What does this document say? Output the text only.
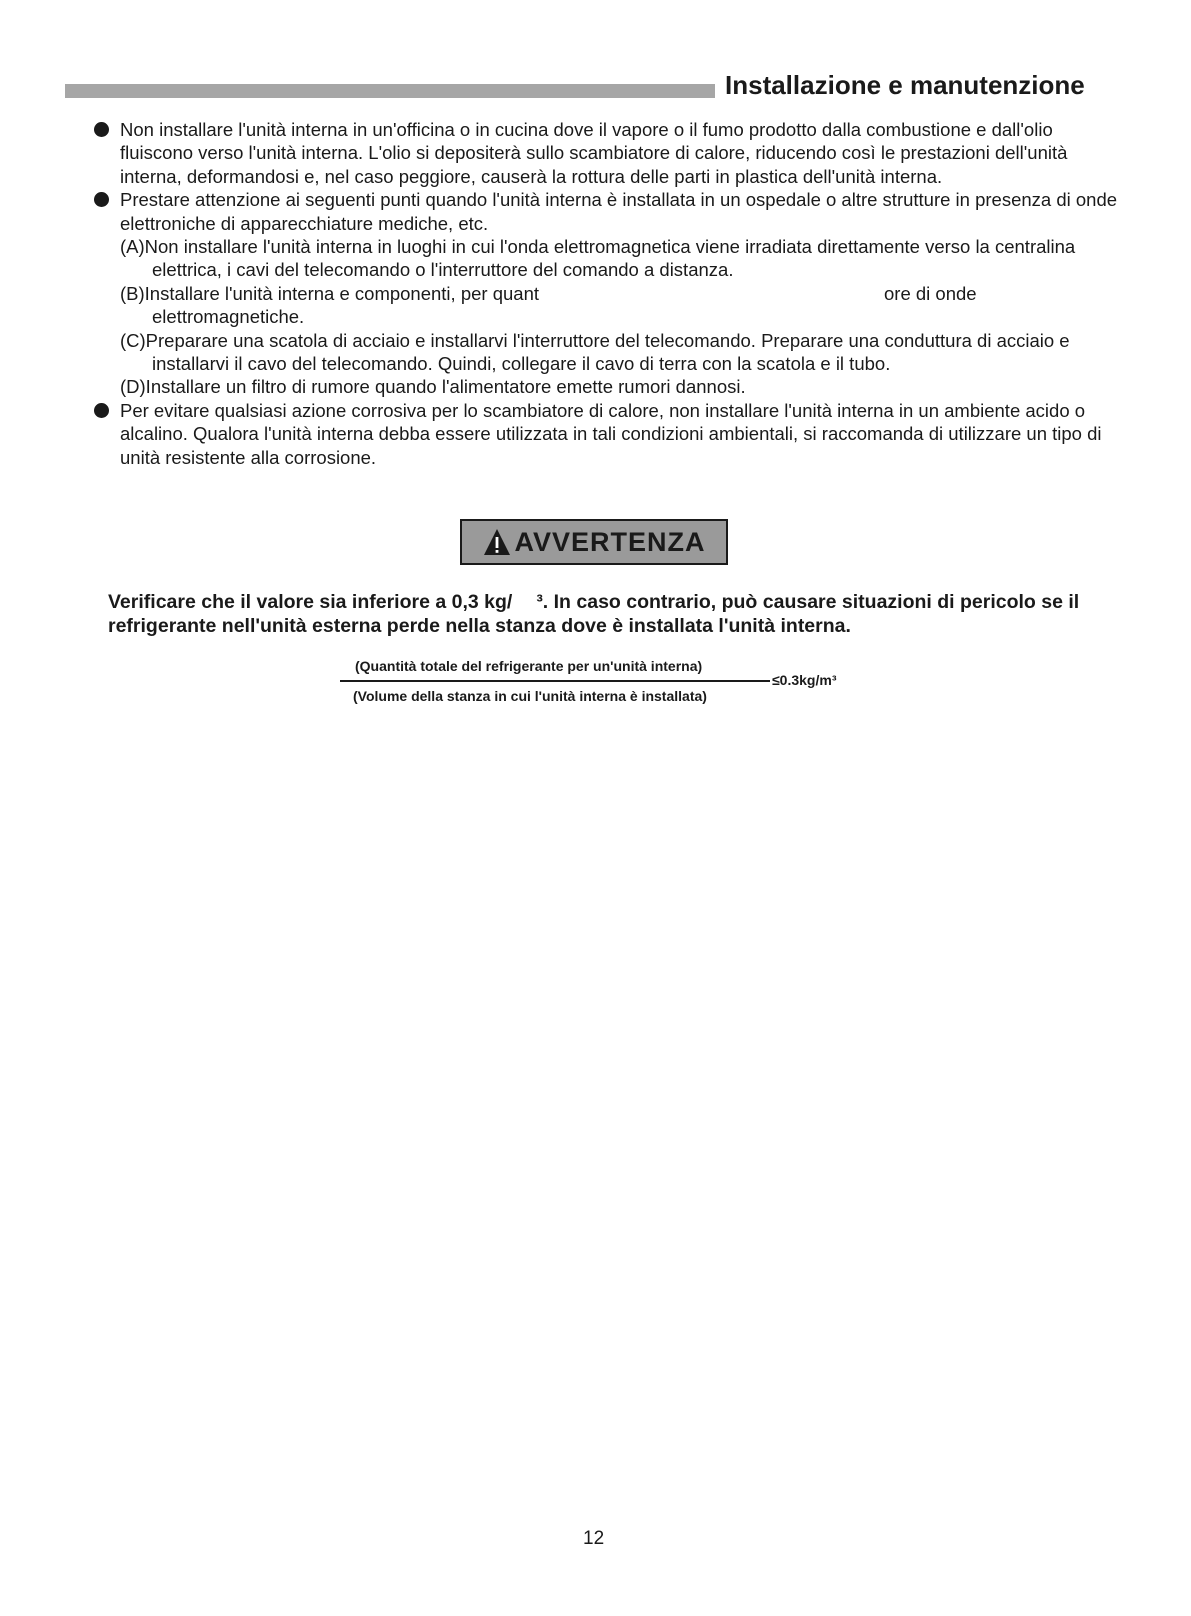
Installazione e manutenzione
Non installare l'unità interna in un'officina o in cucina dove il vapore o il fumo prodotto dalla combustione e dall'olio fluiscono verso l'unità interna. L'olio si depositerà sullo scambiatore di calore, riducendo così le prestazioni dell'unità interna, deformandosi e, nel caso peggiore, causerà la rottura delle parti in plastica dell'unità interna.
Prestare attenzione ai seguenti punti quando l'unità interna è installata in un ospedale o altre strutture in presenza di onde elettroniche di apparecchiature mediche, etc.
(A)Non installare l'unità interna in luoghi in cui l'onda elettromagnetica viene irradiata direttamente verso la centralina elettrica, i cavi del telecomando o l'interruttore del comando a distanza.
(B)Installare l'unità interna e componenti, per quant	ore di onde elettromagnetiche.
(C)Preparare una scatola di acciaio e installarvi l'interruttore del telecomando. Preparare una conduttura di acciaio e installarvi il cavo del telecomando. Quindi, collegare il cavo di terra con la scatola e il tubo.
(D)Installare un filtro di rumore quando l'alimentatore emette rumori dannosi.
Per evitare qualsiasi azione corrosiva per lo scambiatore di calore, non installare l'unità interna in un ambiente acido o alcalino. Qualora l'unità interna debba essere utilizzata in tali condizioni ambientali, si raccomanda di utilizzare un tipo di unità resistente alla corrosione.
AVVERTENZA
Verificare che il valore sia inferiore a 0,3 kg/ ³. In caso contrario, può causare situazioni di pericolo se il refrigerante nell'unità esterna perde nella stanza dove è installata l'unità interna.
(Quantità totale del refrigerante per un'unità interna)
(Volume della stanza in cui l'unità interna è installata)
≤0.3kg/m³
12
